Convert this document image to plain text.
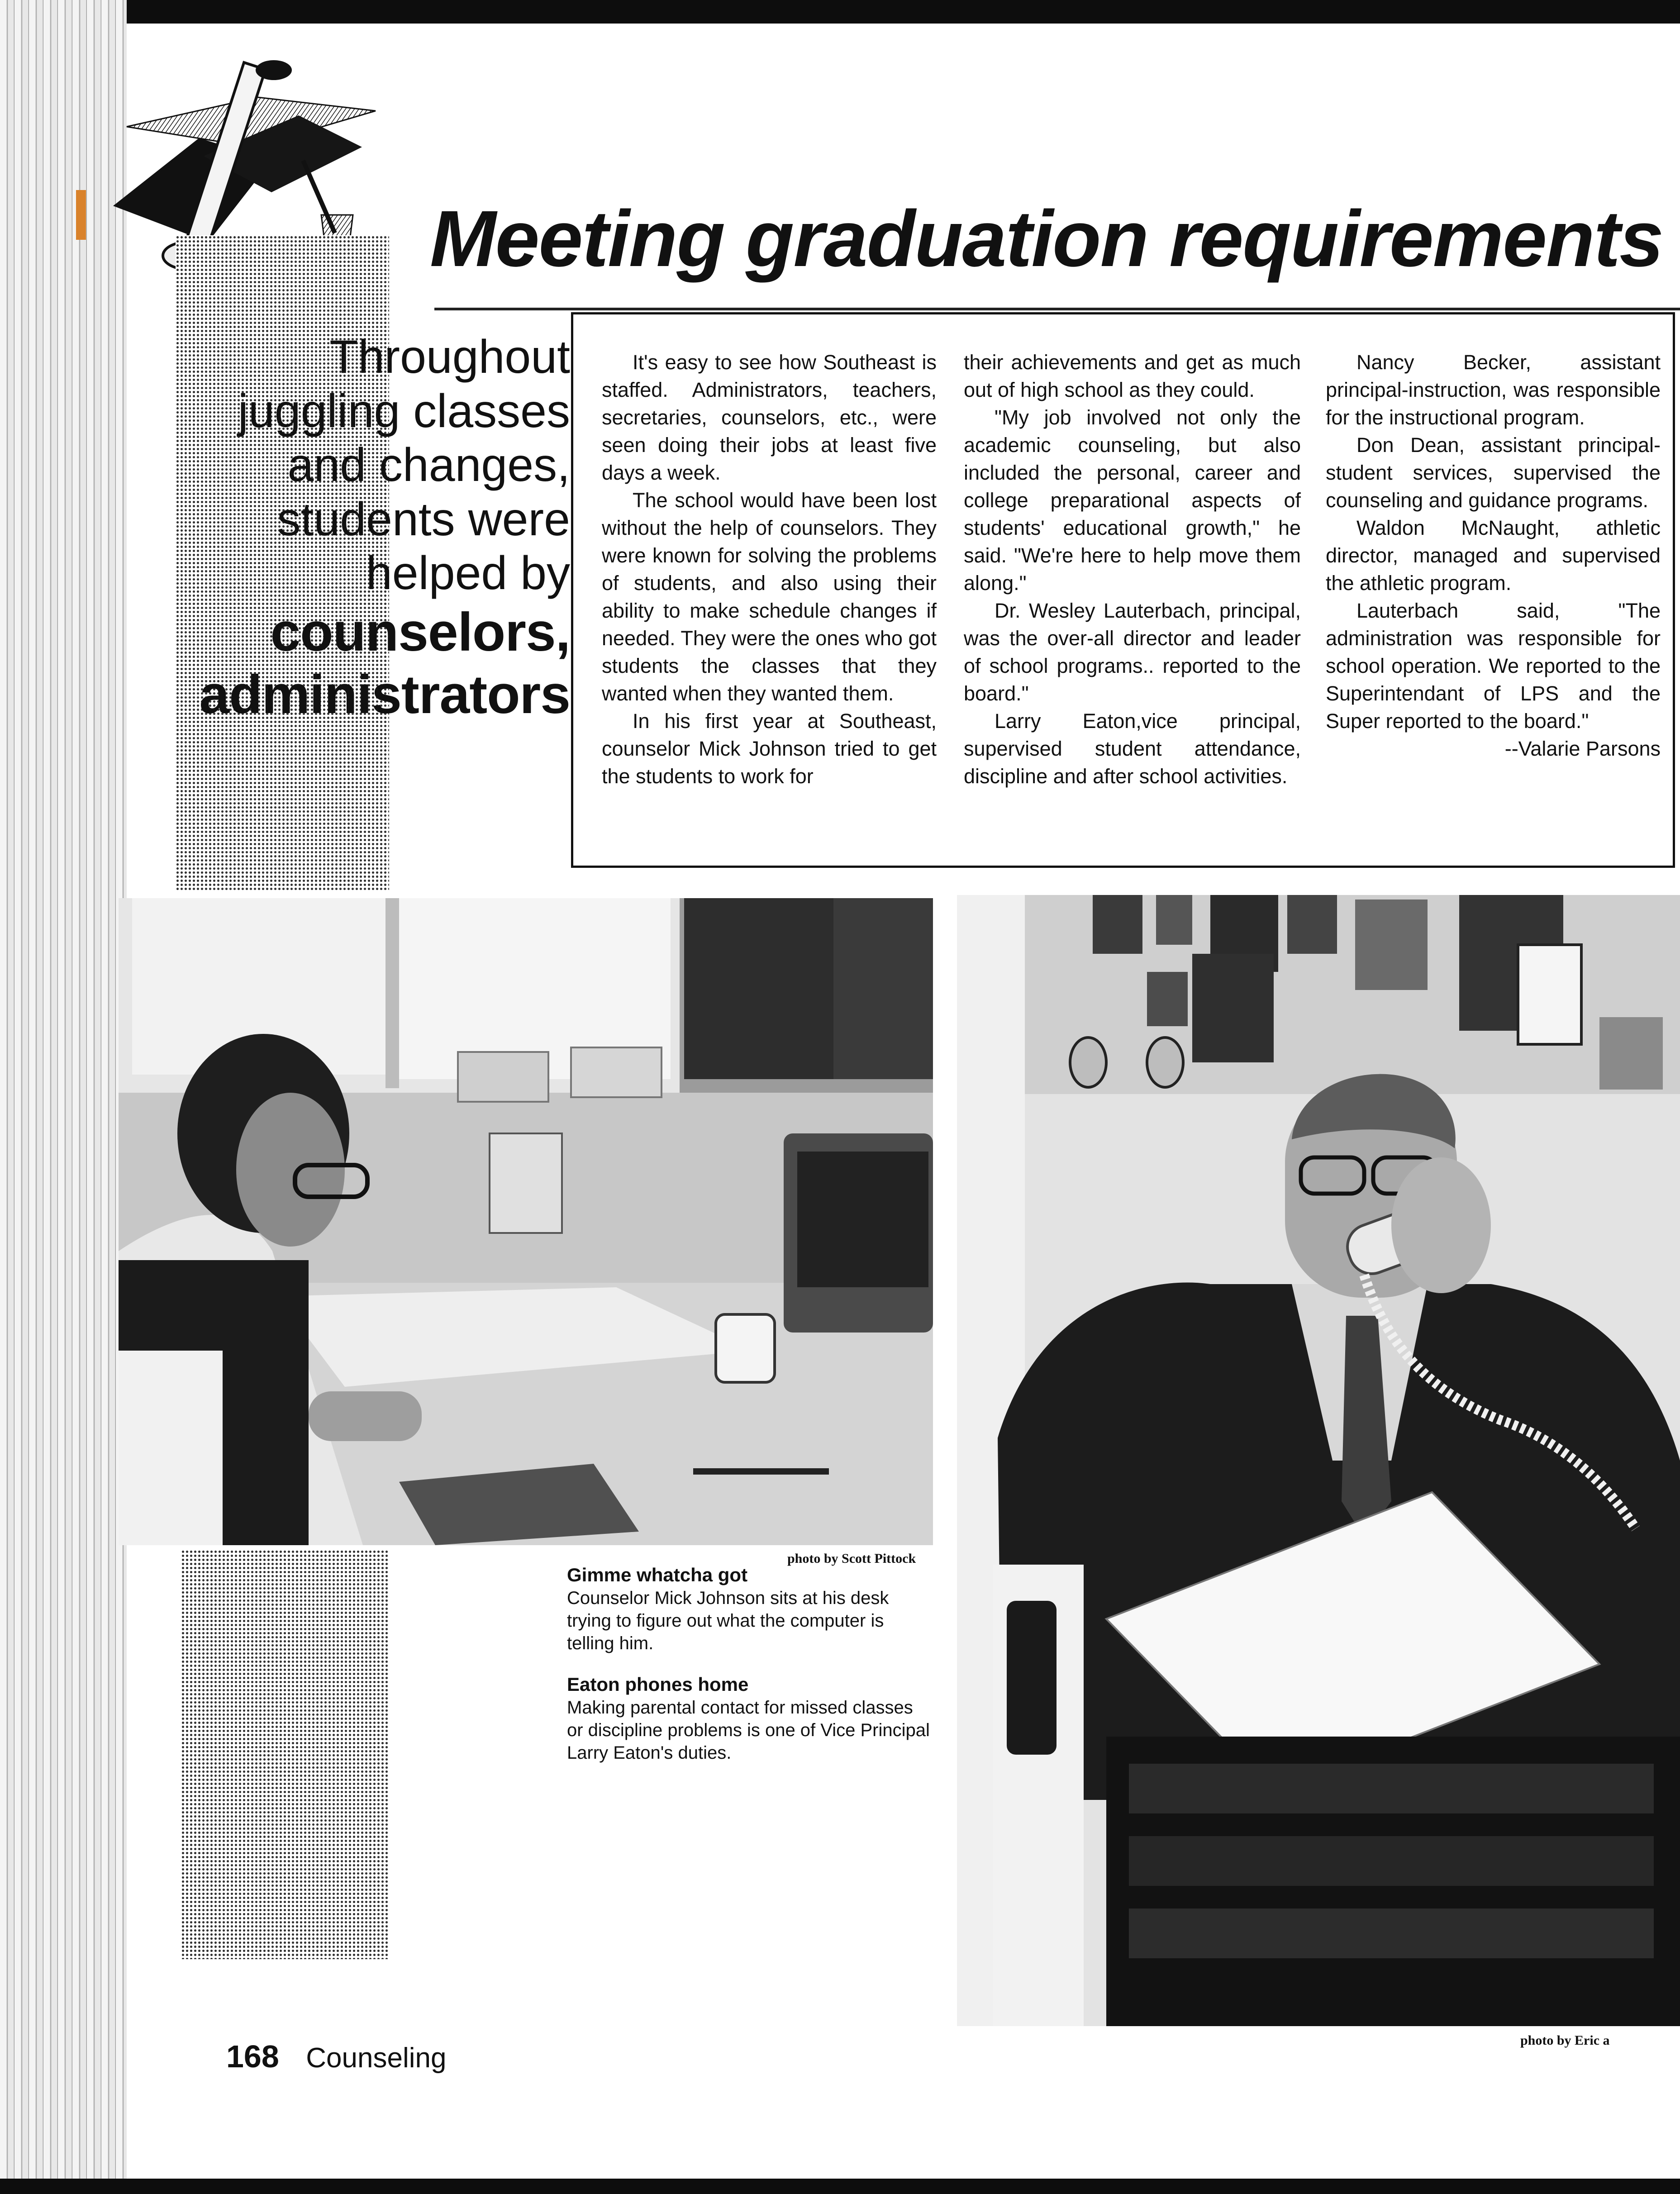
Meeting graduation requirements
Throughout
juggling classes
and changes,
students were
helped by
counselors,
administrators

It's easy to see how Southeast is staffed. Administrators, teachers, secretaries, counselors, etc., were seen doing their jobs at least five days a week.

The school would have been lost without the help of counselors. They were known for solving the problems of students, and also using their ability to make schedule changes if needed. They were the ones who got students the classes that they wanted when they wanted them.

In his first year at Southeast, counselor Mick Johnson tried to get the students to work for

their achievements and get as much out of high school as they could.

"My job involved not only the academic counseling, but also included the personal, career and college preparational aspects of students' educational growth," he said. "We're here to help move them along."

Dr. Wesley Lauterbach, principal, was the over-all director and leader of school programs.. reported to the board."

Larry Eaton,vice principal, supervised student attendance, discipline and after school activities.

Nancy Becker, assistant principal-instruction, was responsible for the instructional program.

Don Dean, assistant principal-student services, supervised the counseling and guidance programs.

Waldon McNaught, athletic director, managed and supervised the athletic program.

Lauterbach said, "The administration was responsible for school operation. We reported to the Superintendant of LPS and the Super reported to the board."

--Valarie Parsons

photo by Scott Pittock
photo by Eric a
Gimme whatcha got

Counselor Mick Johnson sits at his desk trying to figure out what the computer is telling him.

Eaton phones home

Making parental contact for missed classes or discipline problems is one of Vice Principal Larry Eaton's duties.

168 Counseling
